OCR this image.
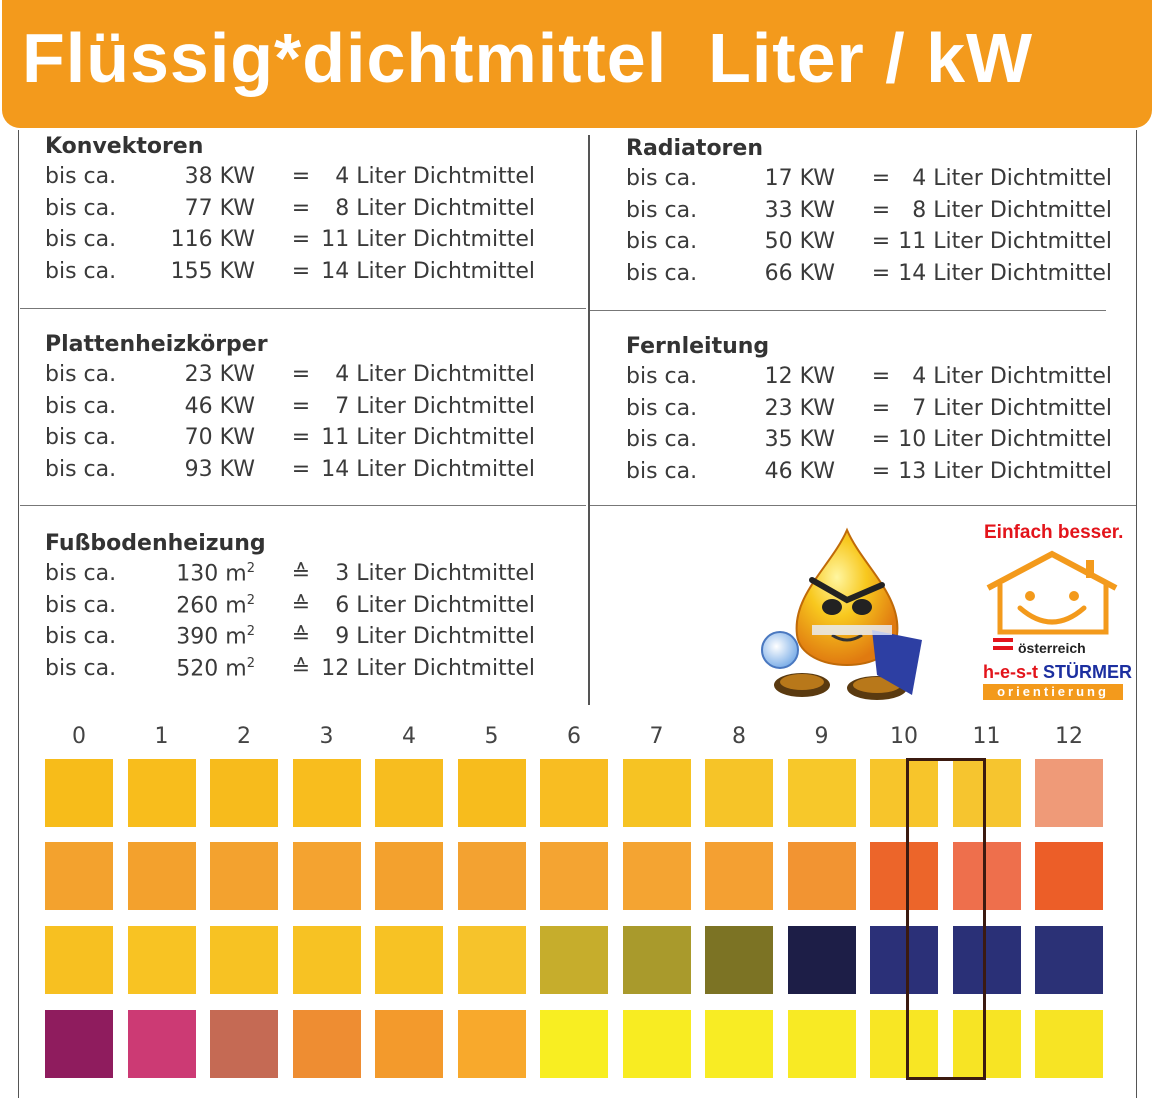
Flüssig*dichtmittel  Liter / kW
Konvektoren
bis ca.	38 KW = 4 Liter Dichtmittel
bis ca.	77 KW = 8 Liter Dichtmittel
bis ca.	116 KW = 11 Liter Dichtmittel
bis ca.	155 KW = 14 Liter Dichtmittel
Radiatoren
bis ca.	17 KW = 4 Liter Dichtmittel
bis ca.	33 KW = 8 Liter Dichtmittel
bis ca.	50 KW = 11 Liter Dichtmittel
bis ca.	66 KW = 14 Liter Dichtmittel
Plattenheizkörper
bis ca.	23 KW = 4 Liter Dichtmittel
bis ca.	46 KW = 7 Liter Dichtmittel
bis ca.	70 KW = 11 Liter Dichtmittel
bis ca.	93 KW = 14 Liter Dichtmittel
Fernleitung
bis ca.	12 KW = 4 Liter Dichtmittel
bis ca.	23 KW = 7 Liter Dichtmittel
bis ca.	35 KW = 10 Liter Dichtmittel
bis ca.	46 KW = 13 Liter Dichtmittel
Fußbodenheizung
bis ca.	130 $m^2$ ≙ 3 Liter Dichtmittel
bis ca.	260 $m^2$ ≙ 6 Liter Dichtmittel
bis ca.	390 $m^2$ ≙ 9 Liter Dichtmittel
bis ca.	520 $m^2$ ≙ 12 Liter Dichtmittel
Einfach besser.
österreich
h-e-s-t STÜRMER
orientierung
0	1	2	3	4	5	6	7	8	9	10 11 12
